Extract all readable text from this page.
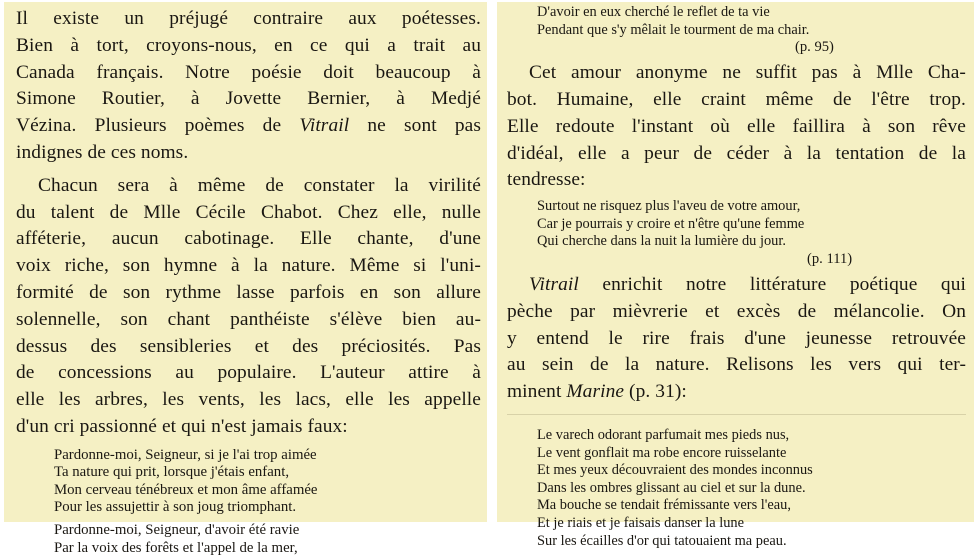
Il existe un préjugé contraire aux poétesses.

Bien à tort, croyons-nous, en ce qui a trait au

Canada français. Notre poésie doit beaucoup à

Simone Routier, à Jovette Bernier, à Medjé

Vézina. Plusieurs poèmes de Vitrail ne sont pas

indignes de ces noms.

Chacun sera à même de constater la virilité

du talent de Mlle Cécile Chabot. Chez elle, nulle

afféterie, aucun cabotinage. Elle chante, d'une

voix riche, son hymne à la nature. Même si l'uni-

formité de son rythme lasse parfois en son allure

solennelle, son chant panthéiste s'élève bien au-

dessus des sensibleries et des préciosités. Pas

de concessions au populaire. L'auteur attire à

elle les arbres, les vents, les lacs, elle les appelle

d'un cri passionné et qui n'est jamais faux:

Pardonne-moi, Seigneur, si je l'ai trop aimée
Ta nature qui prit, lorsque j'étais enfant,
Mon cerveau ténébreux et mon âme affamée
Pour les assujettir à son joug triomphant.
Pardonne-moi, Seigneur, d'avoir été ravie
Par la voix des forêts et l'appel de la mer,
D'avoir en eux cherché le reflet de ta vie
Pendant que s'y mêlait le tourment de ma chair.
(p. 95)

Cet amour anonyme ne suffit pas à Mlle Cha-

bot. Humaine, elle craint même de l'être trop.

Elle redoute l'instant où elle faillira à son rêve

d'idéal, elle a peur de céder à la tentation de la

tendresse:

Surtout ne risquez plus l'aveu de votre amour,
Car je pourrais y croire et n'être qu'une femme
Qui cherche dans la nuit la lumière du jour.
(p. 111)

Vitrail enrichit notre littérature poétique qui

pèche par mièvrerie et excès de mélancolie. On

y entend le rire frais d'une jeunesse retrouvée

au sein de la nature. Relisons les vers qui ter-

minent Marine (p. 31):

Le varech odorant parfumait mes pieds nus,
Le vent gonflait ma robe encore ruisselante
Et mes yeux découvraient des mondes inconnus
Dans les ombres glissant au ciel et sur la dune.
Ma bouche se tendait frémissante vers l'eau,
Et je riais et je faisais danser la lune
Sur les écailles d'or qui tatouaient ma peau.
